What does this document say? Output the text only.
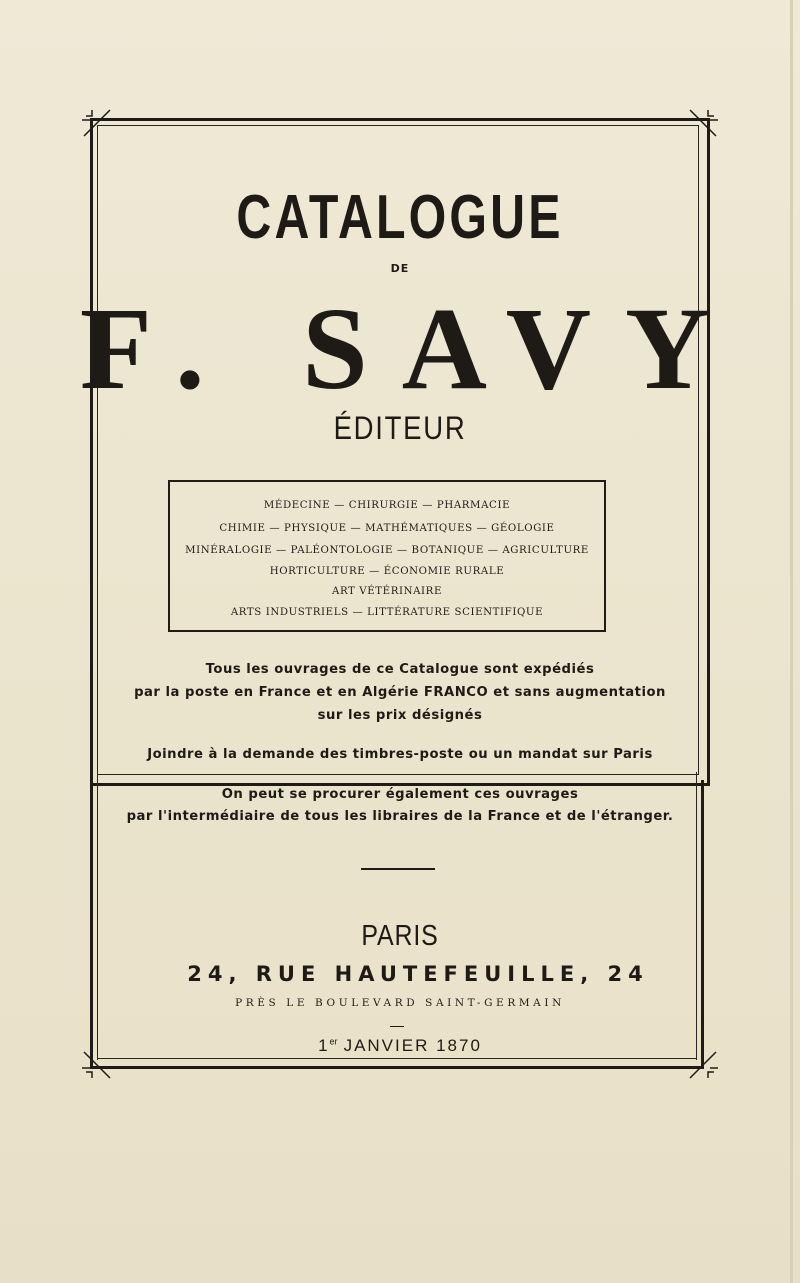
CATALOGUE
DE
F. SAVY
ÉDITEUR
MÉDECINE — CHIRURGIE — PHARMACIE
CHIMIE — PHYSIQUE — MATHÉMATIQUES — GÉOLOGIE
MINÉRALOGIE — PALÉONTOLOGIE — BOTANIQUE — AGRICULTURE
HORTICULTURE — ÉCONOMIE RURALE
ART VÉTÉRINAIRE
ARTS INDUSTRIELS — LITTÉRATURE SCIENTIFIQUE
Tous les ouvrages de ce Catalogue sont expédiés
par la poste en France et en Algérie FRANCO et sans augmentation
sur les prix désignés
Joindre à la demande des timbres-poste ou un mandat sur Paris
On peut se procurer également ces ouvrages
par l'intermédiaire de tous les libraires de la France et de l'étranger.
PARIS
24, RUE HAUTEFEUILLE, 24
PRÈS LE BOULEVARD SAINT-GERMAIN
1er JANVIER 1870
